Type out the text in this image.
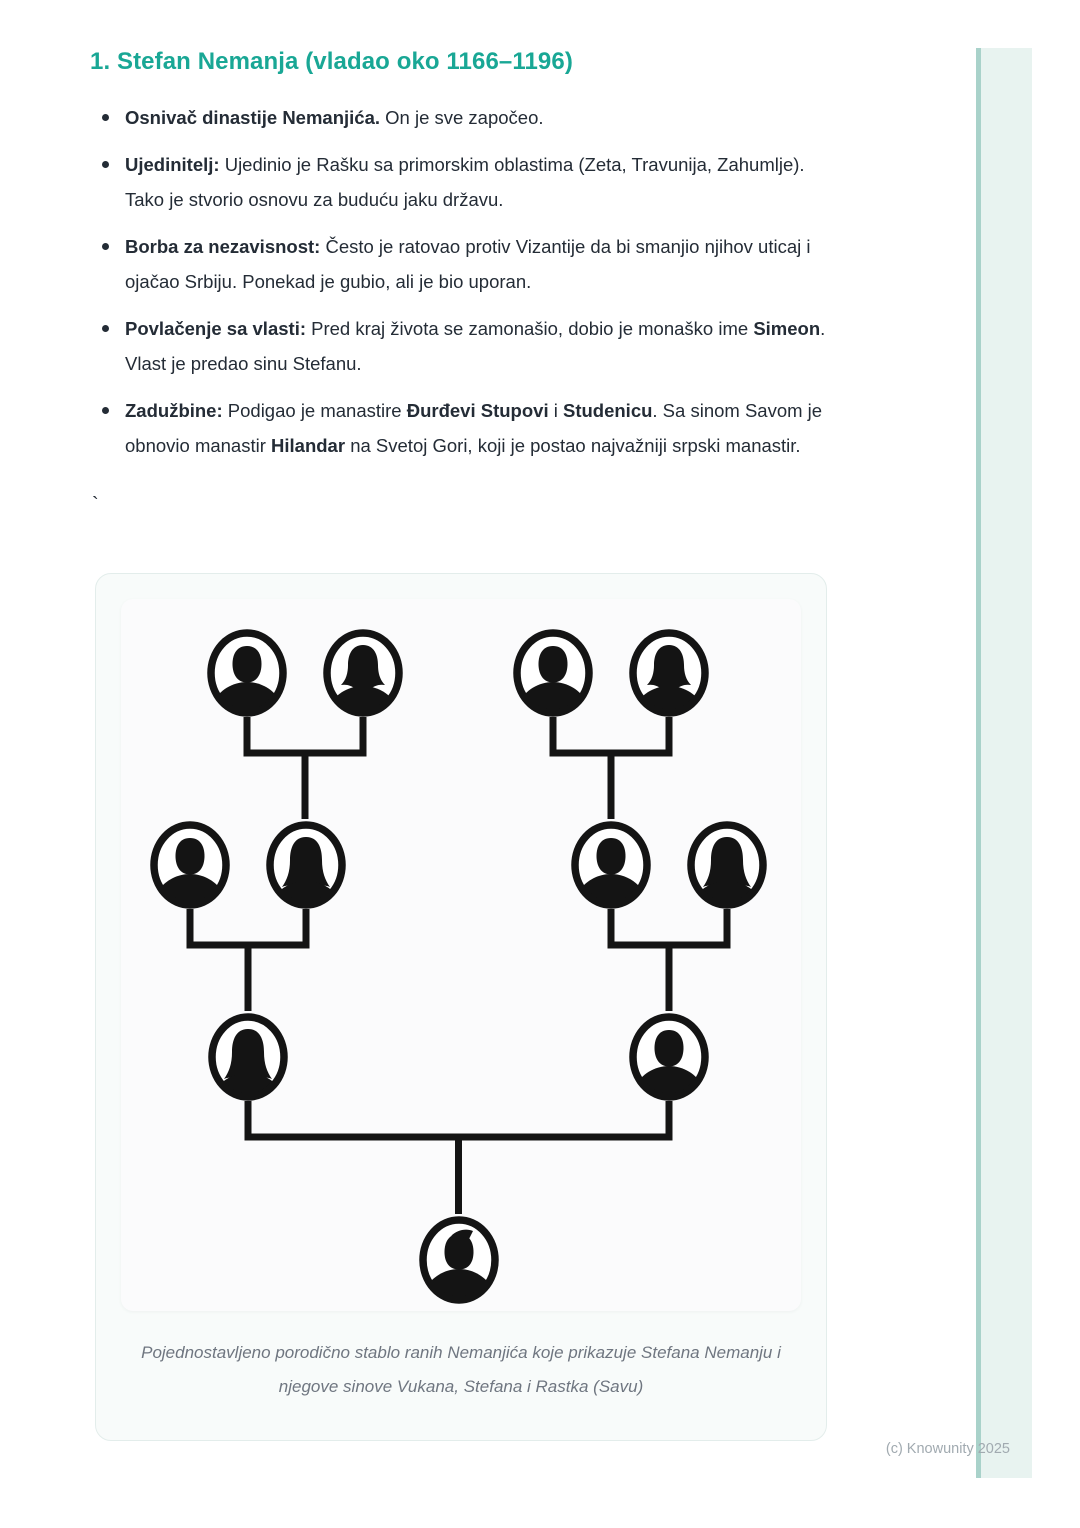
1. Stefan Nemanja (vladao oko 1166–1196)
Osnivač dinastije Nemanjića. On je sve započeo.
Ujedinitelj: Ujedinio je Rašku sa primorskim oblastima (Zeta, Travunija, Zahumlje). Tako je stvorio osnovu za buduću jaku državu.
Borba za nezavisnost: Često je ratovao protiv Vizantije da bi smanjio njihov uticaj i ojačao Srbiju. Ponekad je gubio, ali je bio uporan.
Povlačenje sa vlasti: Pred kraj života se zamonašio, dobio je monaško ime Simeon. Vlast je predao sinu Stefanu.
Zadužbine: Podigao je manastire Đurđevi Stupovi i Studenicu. Sa sinom Savom je obnovio manastir Hilandar na Svetoj Gori, koji je postao najvažniji srpski manastir.
`
Pojednostavljeno porodično stablo ranih Nemanjića koje prikazuje Stefana Nemanju i njegove sinove Vukana, Stefana i Rastka (Savu)
(c) Knowunity 2025
